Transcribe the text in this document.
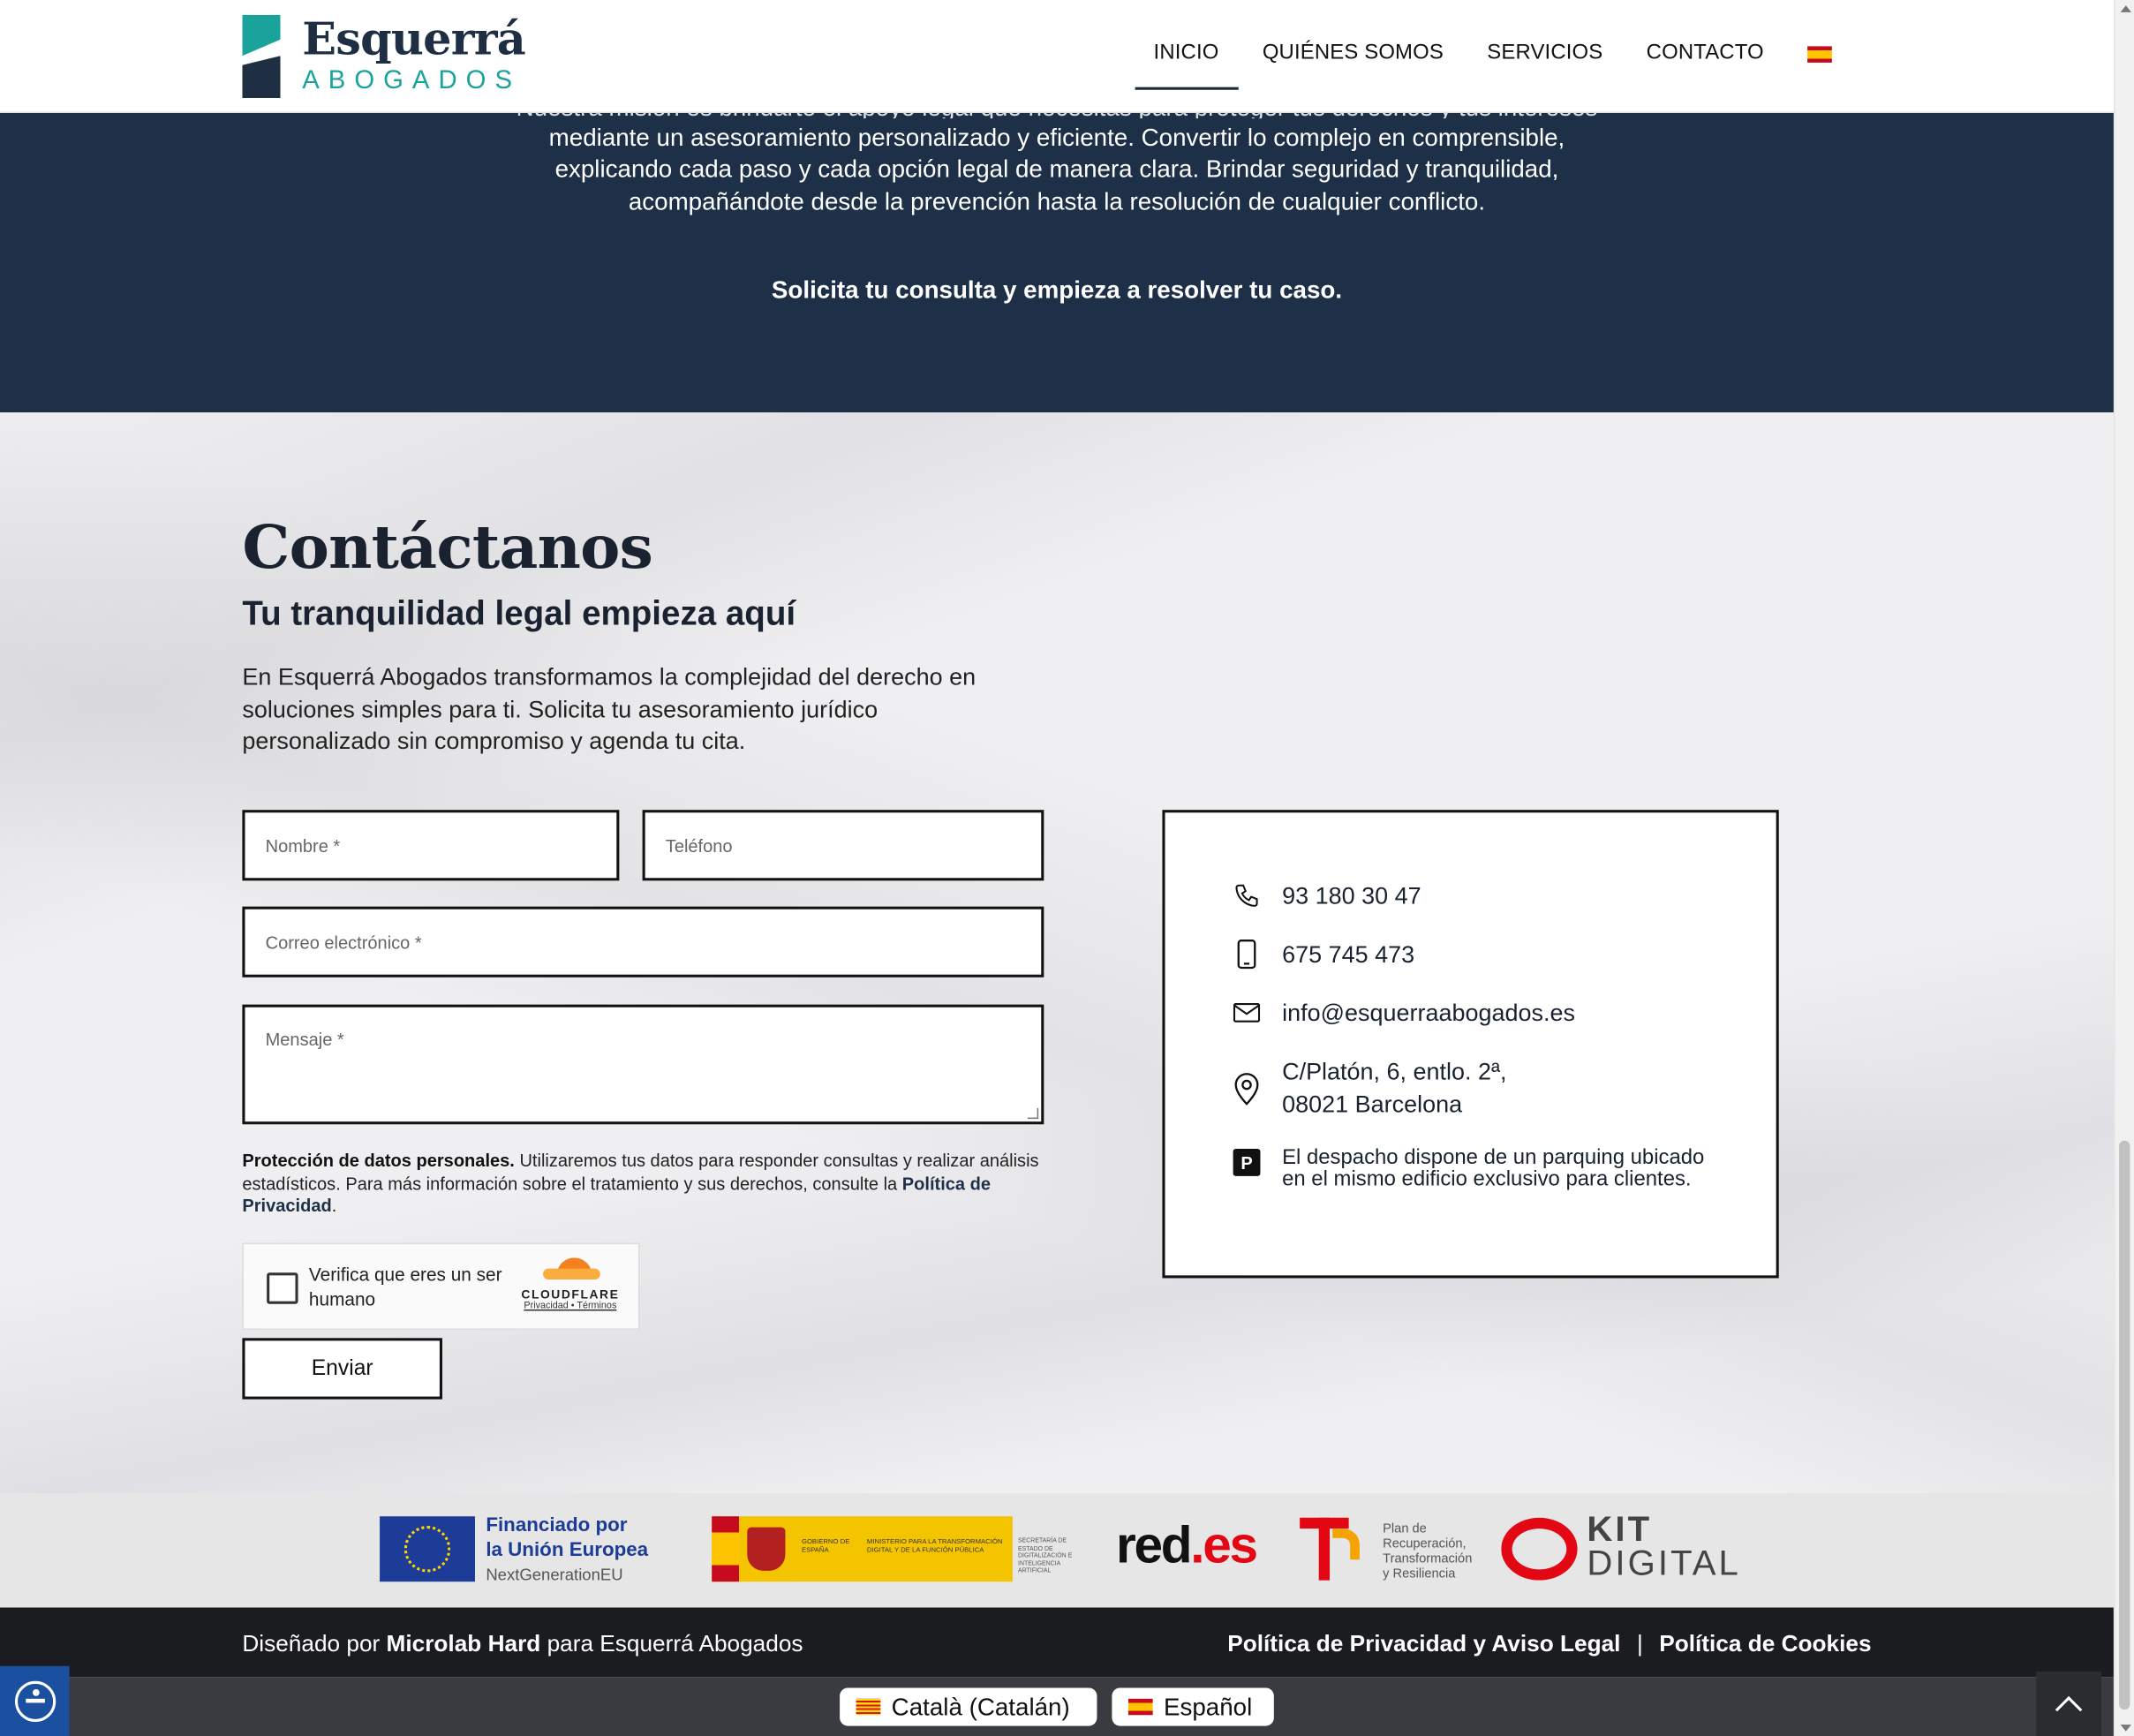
Esquerrá
ABOGADOS
INICIO	QUIÉNES SOMOS	SERVICIOS	CONTACTO

mediante un asesoramiento personalizado y eficiente. Convertir lo complejo en comprensible, explicando cada paso y cada opción legal de manera clara. Brindar seguridad y tranquilidad, acompañándote desde la prevención hasta la resolución de cualquier conflicto.

Solicita tu consulta y empieza a resolver tu caso.

Contáctanos
Tu tranquilidad legal empieza aquí

En Esquerrá Abogados transformamos la complejidad del derecho en soluciones simples para ti. Solicita tu asesoramiento jurídico personalizado sin compromiso y agenda tu cita.

Nombre *	Teléfono
Correo electrónico *
Mensaje *

Protección de datos personales. Utilizaremos tus datos para responder consultas y realizar análisis estadísticos. Para más información sobre el tratamiento y sus derechos, consulte la Política de Privacidad.

Verifica que eres un ser humano	CLOUDFLARE
Privacidad • Términos
Enviar
93 180 30 47
675 745 473
info@esquerraabogados.es
C/Platón, 6, entlo. 2ª,
08021 Barcelona
P	El despacho dispone de un parquing ubicado en el mismo edificio exclusivo para clientes.
Financiado por
la Unión Europea
NextGenerationEU
GOBIERNO DE ESPAÑA
MINISTERIO PARA LA TRANSFORMACIÓN DIGITAL Y DE LA FUNCIÓN PÚBLICA
SECRETARÍA DE ESTADO DE DIGITALIZACIÓN E INTELIGENCIA ARTIFICIAL	red.es	Plan de
Recuperación,
Transformación
y Resiliencia
KIT
DIGITAL
Diseñado por Microlab Hard para Esquerrá Abogados	Política de Privacidad y Aviso Legal | Política de Cookies
Català (Catalán)	Español
